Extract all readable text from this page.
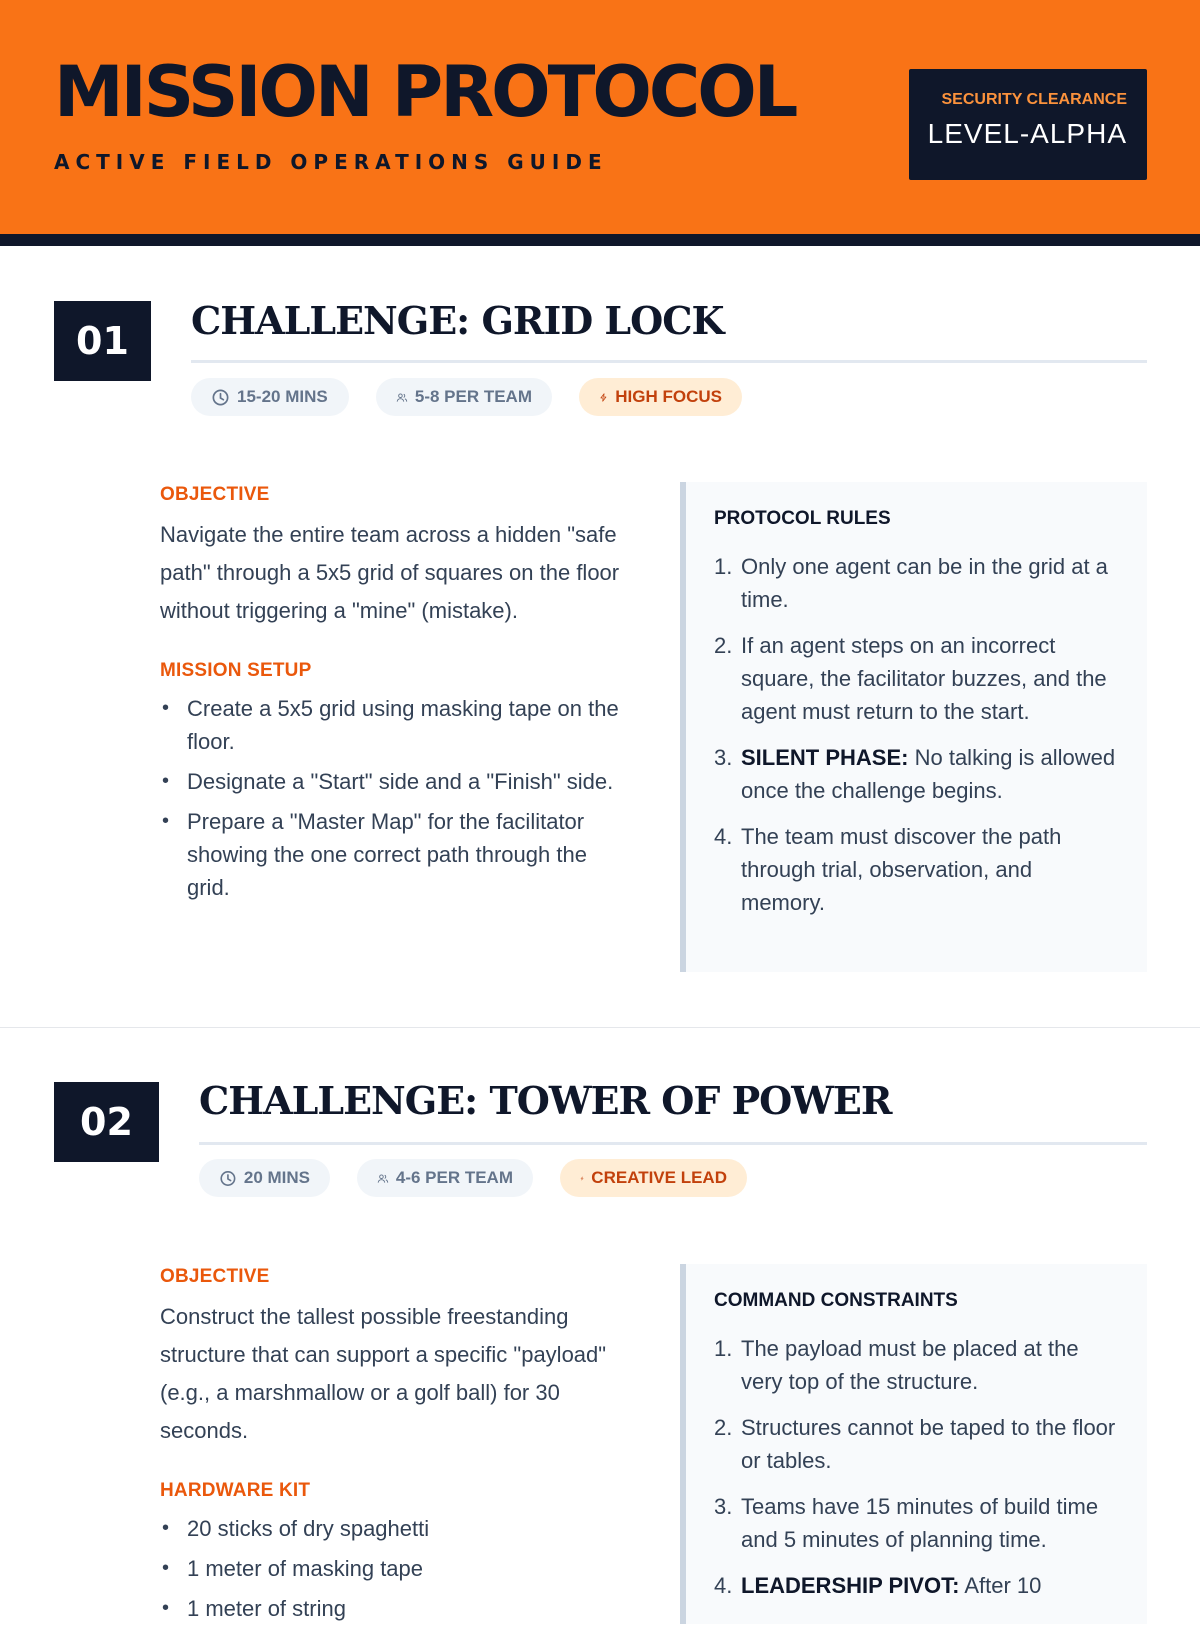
MISSION PROTOCOL
ACTIVE FIELD OPERATIONS GUIDE
SECURITY CLEARANCE
LEVEL-ALPHA
01	CHALLENGE: GRID LOCK
15-20 MINS	5-8 PER TEAM	HIGH FOCUS
OBJECTIVE
Navigate the entire team across a hidden "safe path" through a 5x5 grid of squares on the floor without triggering a "mine" (mistake).
MISSION SETUP
• Create a 5x5 grid using masking tape on the floor.
• Designate a "Start" side and a "Finish" side.
• Prepare a "Master Map" for the facilitator showing the one correct path through the grid.
PROTOCOL RULES
1. Only one agent can be in the grid at a time.
2. If an agent steps on an incorrect square, the facilitator buzzes, and the agent must return to the start.
3. SILENT PHASE: No talking is allowed once the challenge begins.
4. The team must discover the path through trial, observation, and memory.
02	CHALLENGE: TOWER OF POWER
20 MINS	4-6 PER TEAM	CREATIVE LEAD
OBJECTIVE
Construct the tallest possible freestanding structure that can support a specific "payload" (e.g., a marshmallow or a golf ball) for 30 seconds.
HARDWARE KIT
• 20 sticks of dry spaghetti
• 1 meter of masking tape
• 1 meter of string
COMMAND CONSTRAINTS
1. The payload must be placed at the very top of the structure.
2. Structures cannot be taped to the floor or tables.
3. Teams have 15 minutes of build time and 5 minutes of planning time.
4. LEADERSHIP PIVOT: After 10
